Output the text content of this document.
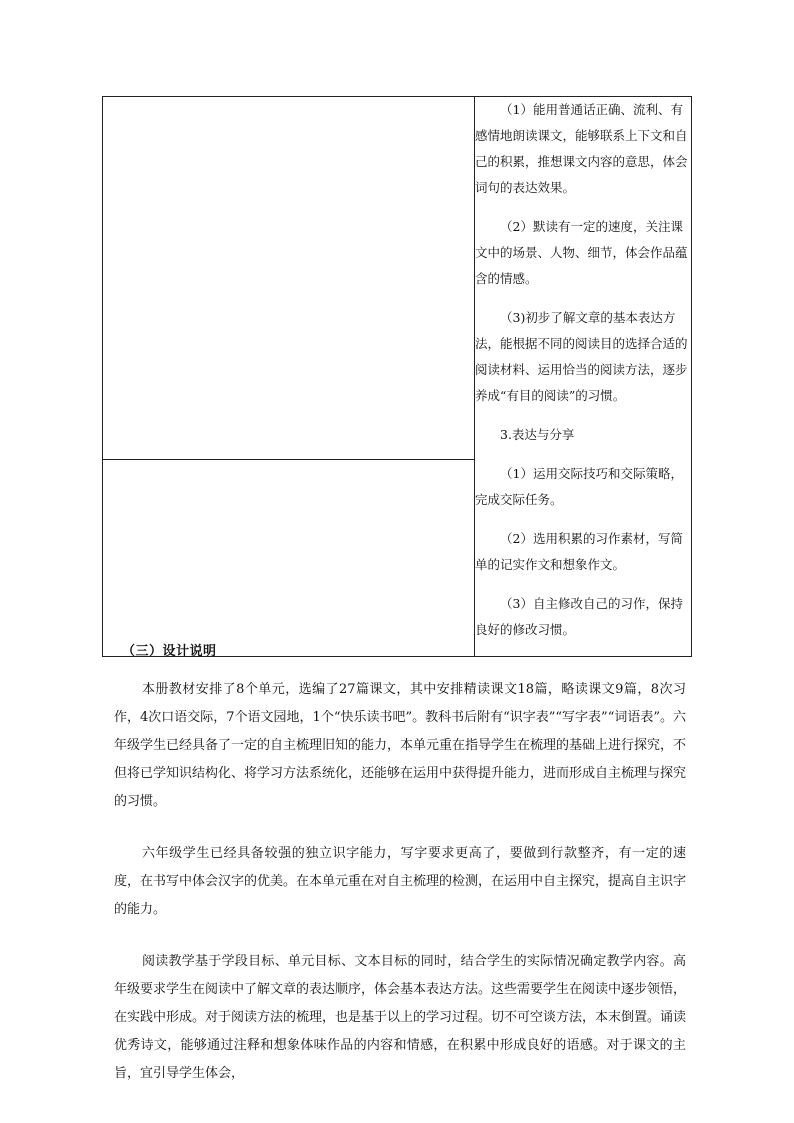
（1）能用普通话正确、流利、有感情地朗读课文，能够联系上下文和自己的积累，推想课文内容的意思，体会词句的表达效果。

（2）默读有一定的速度，关注课文中的场景、人物、细节，体会作品蕴含的情感。

（3)初步了解文章的基本表达方法，能根据不同的阅读目的选择合适的阅读材料、运用恰当的阅读方法，逐步养成“有目的阅读”的习惯。

3.表达与分享

（1）运用交际技巧和交际策略，完成交际任务。

（2）选用积累的习作素材，写简单的记实作文和想象作文。

（3）自主修改自己的习作，保持良好的修改习惯。

（三）设计说明

本册教材安排了8个单元，选编了27篇课文，其中安排精读课文18篇，略读课文9篇，8次习作，4次口语交际，7个语文园地，1个“快乐读书吧”。教科书后附有“识字表”“写字表”“词语表”。六年级学生已经具备了一定的自主梳理旧知的能力，本单元重在指导学生在梳理的基础上进行探究，不但将已学知识结构化、将学习方法系统化，还能够在运用中获得提升能力，进而形成自主梳理与探究的习惯。

六年级学生已经具备较强的独立识字能力，写字要求更高了，要做到行款整齐，有一定的速度，在书写中体会汉字的优美。在本单元重在对自主梳理的检测，在运用中自主探究，提高自主识字的能力。

阅读教学基于学段目标、单元目标、文本目标的同时，结合学生的实际情况确定教学内容。高年级要求学生在阅读中了解文章的表达顺序，体会基本表达方法。这些需要学生在阅读中逐步领悟，在实践中形成。对于阅读方法的梳理，也是基于以上的学习过程。切不可空谈方法，本末倒置。诵读优秀诗文，能够通过注释和想象体味作品的内容和情感，在积累中形成良好的语感。对于课文的主旨，宜引导学生体会，
